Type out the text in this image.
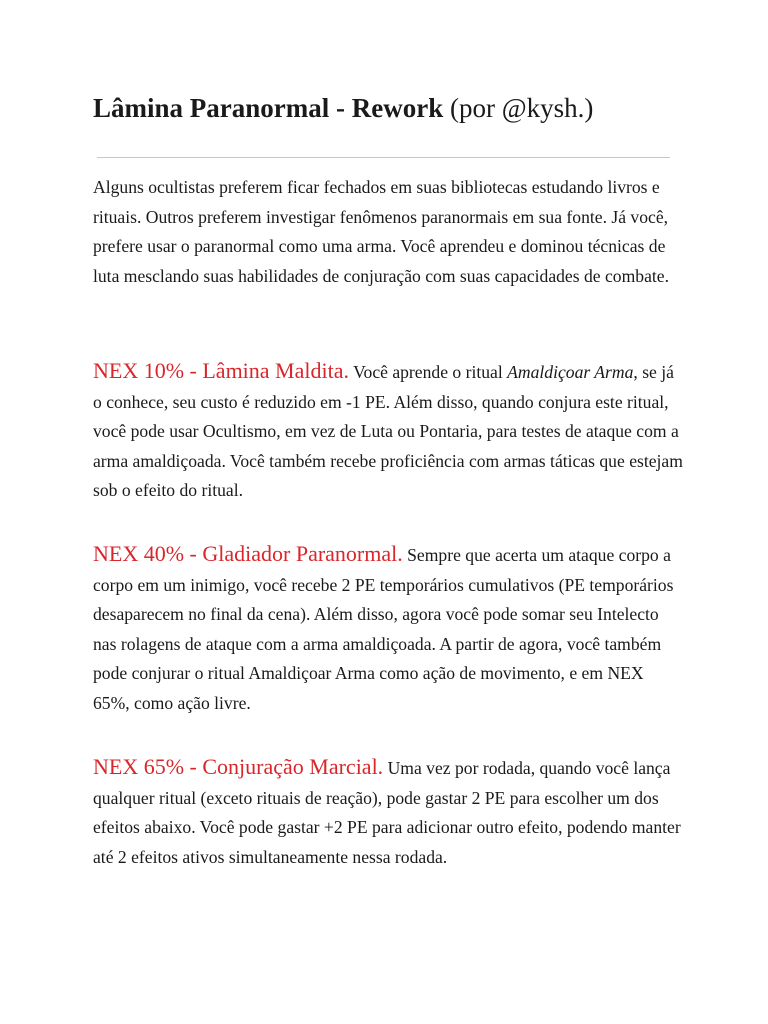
Lâmina Paranormal - Rework (por @kysh.)

Alguns ocultistas preferem ficar fechados em suas bibliotecas estudando livros e rituais. Outros preferem investigar fenômenos paranormais em sua fonte. Já você, prefere usar o paranormal como uma arma. Você aprendeu e dominou técnicas de luta mesclando suas habilidades de conjuração com suas capacidades de combate.

NEX 10% - Lâmina Maldita. Você aprende o ritual Amaldiçoar Arma, se já o conhece, seu custo é reduzido em -1 PE. Além disso, quando conjura este ritual, você pode usar Ocultismo, em vez de Luta ou Pontaria, para testes de ataque com a arma amaldiçoada. Você também recebe proficiência com armas táticas que estejam sob o efeito do ritual.

NEX 40% - Gladiador Paranormal. Sempre que acerta um ataque corpo a corpo em um inimigo, você recebe 2 PE temporários cumulativos (PE temporários desaparecem no final da cena). Além disso, agora você pode somar seu Intelecto nas rolagens de ataque com a arma amaldiçoada. A partir de agora, você também pode conjurar o ritual Amaldiçoar Arma como ação de movimento, e em NEX 65%, como ação livre.

NEX 65% - Conjuração Marcial. Uma vez por rodada, quando você lança qualquer ritual (exceto rituais de reação), pode gastar 2 PE para escolher um dos efeitos abaixo. Você pode gastar +2 PE para adicionar outro efeito, podendo manter até 2 efeitos ativos simultaneamente nessa rodada.
